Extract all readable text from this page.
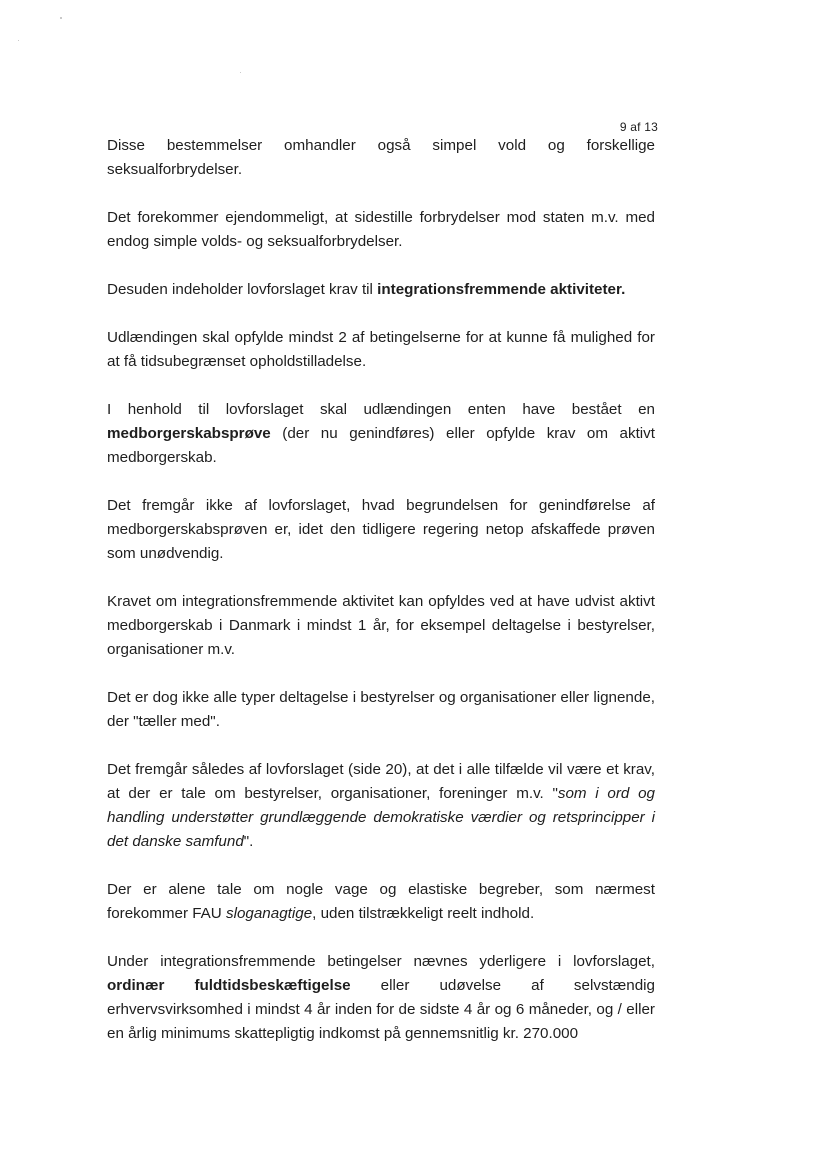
9 af 13

Disse bestemmelser omhandler også simpel vold og forskellige seksualforbrydelser.

Det forekommer ejendommeligt, at sidestille forbrydelser mod staten m.v. med endog simple volds- og seksualforbrydelser.

Desuden indeholder lovforslaget krav til integrationsfremmende aktiviteter.

Udlændingen skal opfylde mindst 2 af betingelserne for at kunne få mulighed for at få tidsubegrænset opholdstilladelse.

I henhold til lovforslaget skal udlændingen enten have bestået en medborgerskabsprøve (der nu genindføres) eller opfylde krav om aktivt medborgerskab.

Det fremgår ikke af lovforslaget, hvad begrundelsen for genindførelse af medborgerskabsprøven er, idet den tidligere regering netop afskaffede prøven som unødvendig.

Kravet om integrationsfremmende aktivitet kan opfyldes ved at have udvist aktivt medborgerskab i Danmark i mindst 1 år, for eksempel deltagelse i bestyrelser, organisationer m.v.

Det er dog ikke alle typer deltagelse i bestyrelser og organisationer eller lignende, der "tæller med".

Det fremgår således af lovforslaget (side 20), at det i alle tilfælde vil være et krav, at der er tale om bestyrelser, organisationer, foreninger m.v. "som i ord og handling understøtter grundlæggende demokratiske værdier og retsprincipper i det danske samfund".

Der er alene tale om nogle vage og elastiske begreber, som nærmest forekommer FAU sloganagtige, uden tilstrækkeligt reelt indhold.

Under integrationsfremmende betingelser nævnes yderligere i lovforslaget, ordinær fuldtidsbeskæftigelse eller udøvelse af selvstændig erhvervsvirksomhed i mindst 4 år inden for de sidste 4 år og 6 måneder, og / eller en årlig minimums skattepligtig indkomst på gennemsnitlig kr. 270.000
